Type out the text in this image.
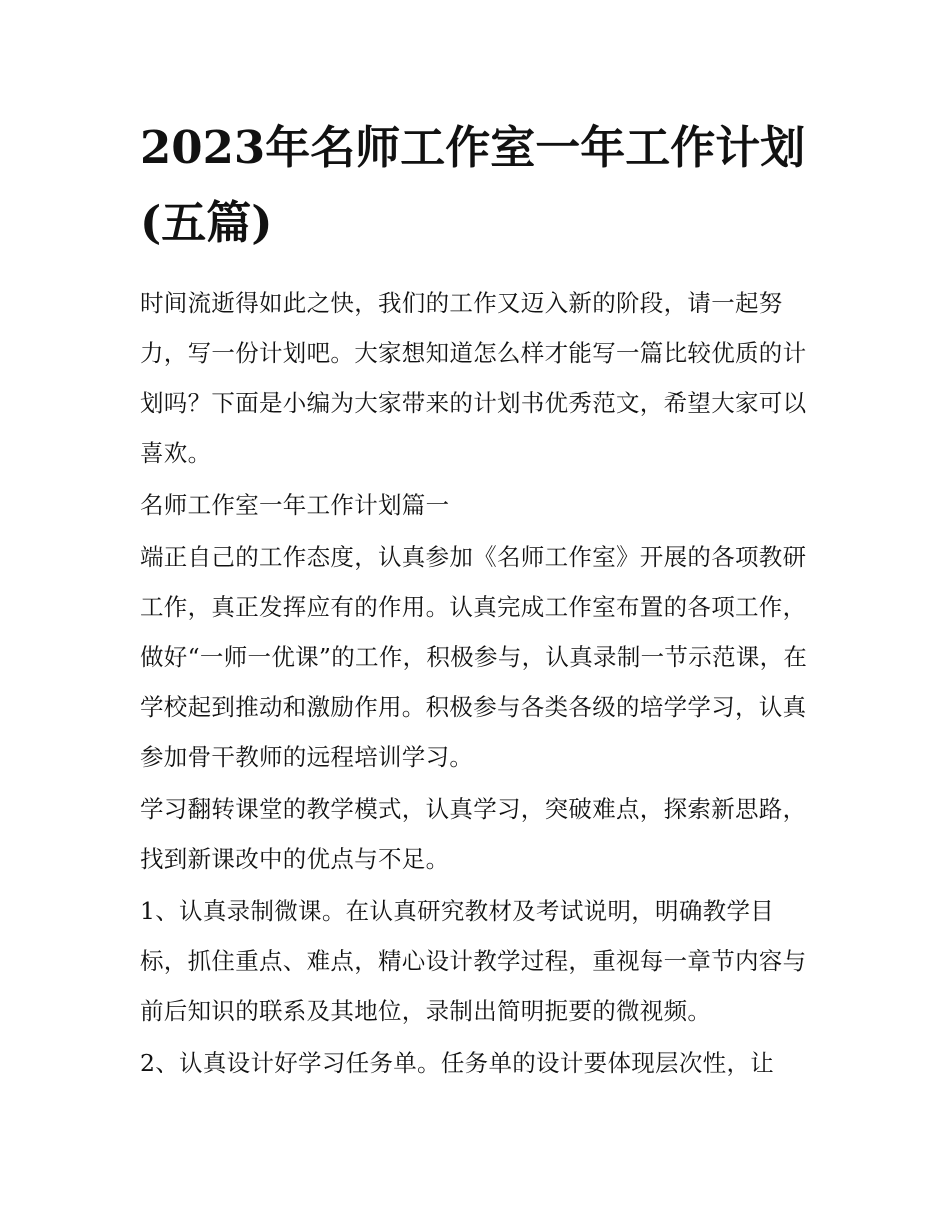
2023年名师工作室一年工作计划(五篇)

时间流逝得如此之快，我们的工作又迈入新的阶段，请一起努力，写一份计划吧。大家想知道怎么样才能写一篇比较优质的计划吗？下面是小编为大家带来的计划书优秀范文，希望大家可以喜欢。

名师工作室一年工作计划篇一

端正自己的工作态度，认真参加《名师工作室》开展的各项教研工作，真正发挥应有的作用。认真完成工作室布置的各项工作，做好“一师一优课”的工作，积极参与，认真录制一节示范课，在学校起到推动和激励作用。积极参与各类各级的培学学习，认真参加骨干教师的远程培训学习。

学习翻转课堂的教学模式，认真学习，突破难点，探索新思路，找到新课改中的优点与不足。

1、认真录制微课。在认真研究教材及考试说明，明确教学目标，抓住重点、难点，精心设计教学过程，重视每一章节内容与前后知识的联系及其地位，录制出简明扼要的微视频。

2、认真设计好学习任务单。任务单的设计要体现层次性，让
